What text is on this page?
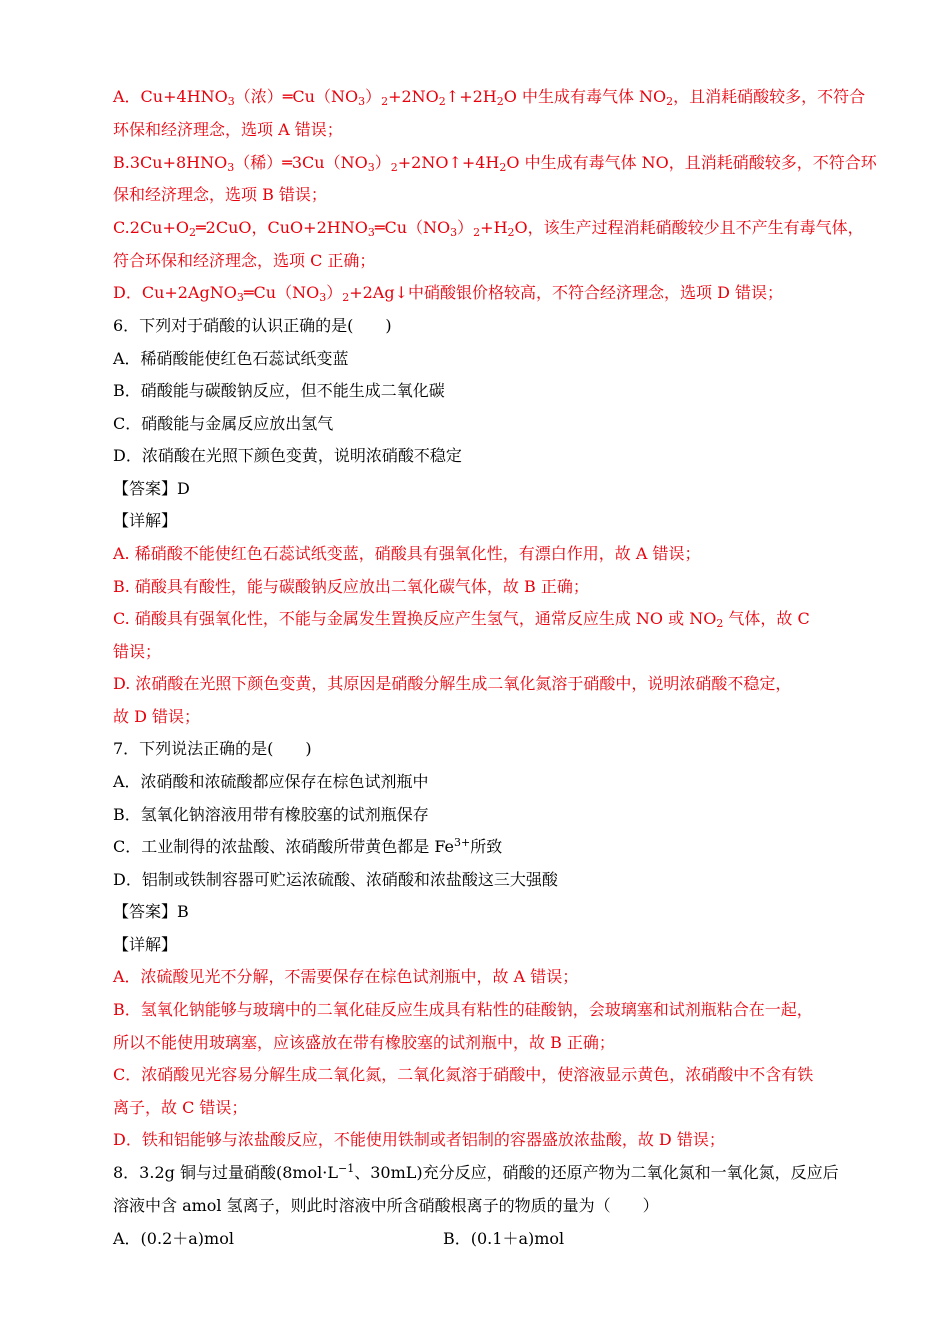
A．$Cu+4HNO_3$（浓）$═Cu(NO_3)_2+2NO_2↑+2H_2O$ 中生成有毒气体 $NO_2$，且消耗硝酸较多，不符合
环保和经济理念，选项 A 错误；
$B.3Cu+8HNO_3$（稀）$═3Cu(NO_3)_2+2NO↑+4H_2O$ 中生成有毒气体 NO，且消耗硝酸较多，不符合环
保和经济理念，选项 B 错误；
$C.2Cu+O_2═2CuO$，$CuO+2HNO_3═Cu(NO_3)_2+H_2O$，该生产过程消耗硝酸较少且不产生有毒气体，
符合环保和经济理念，选项 C 正确；
D．$Cu+2AgNO_3═Cu(NO_3)_2+2Ag↓$中硝酸银价格较高，不符合经济理念，选项 D 错误；
6．下列对于硝酸的认识正确的是(　　)
A．稀硝酸能使红色石蕊试纸变蓝
B．硝酸能与碳酸钠反应，但不能生成二氧化碳
C．硝酸能与金属反应放出氢气
D．浓硝酸在光照下颜色变黄，说明浓硝酸不稳定
【答案】D
【详解】
A. 稀硝酸不能使红色石蕊试纸变蓝，硝酸具有强氧化性，有漂白作用，故 A 错误；
B. 硝酸具有酸性，能与碳酸钠反应放出二氧化碳气体，故 B 正确；
C. 硝酸具有强氧化性，不能与金属发生置换反应产生氢气，通常反应生成 NO 或 $NO_2$ 气体，故 C
错误；
D. 浓硝酸在光照下颜色变黄，其原因是硝酸分解生成二氧化氮溶于硝酸中，说明浓硝酸不稳定，
故 D 错误；
7．下列说法正确的是(　　)
A．浓硝酸和浓硫酸都应保存在棕色试剂瓶中
B．氢氧化钠溶液用带有橡胶塞的试剂瓶保存
C．工业制得的浓盐酸、浓硝酸所带黄色都是 $Fe^{3+}$所致
D．铝制或铁制容器可贮运浓硫酸、浓硝酸和浓盐酸这三大强酸
【答案】B
【详解】
A．浓硫酸见光不分解，不需要保存在棕色试剂瓶中，故 A 错误；
B．氢氧化钠能够与玻璃中的二氧化硅反应生成具有粘性的硅酸钠，会玻璃塞和试剂瓶粘合在一起，
所以不能使用玻璃塞，应该盛放在带有橡胶塞的试剂瓶中，故 B 正确；
C．浓硝酸见光容易分解生成二氧化氮，二氧化氮溶于硝酸中，使溶液显示黄色，浓硝酸中不含有铁
离子，故 C 错误；
D．铁和铝能够与浓盐酸反应，不能使用铁制或者铝制的容器盛放浓盐酸，故 D 错误；
8．3.2g 铜与过量硝酸($8mol\cdot L^{-1}$、30mL)充分反应，硝酸的还原产物为二氧化氮和一氧化氮，反应后
溶液中含 amol 氢离子，则此时溶液中所含硝酸根离子的物质的量为（　　）
A．(0.2＋a)mol	B．(0.1＋a)mol
